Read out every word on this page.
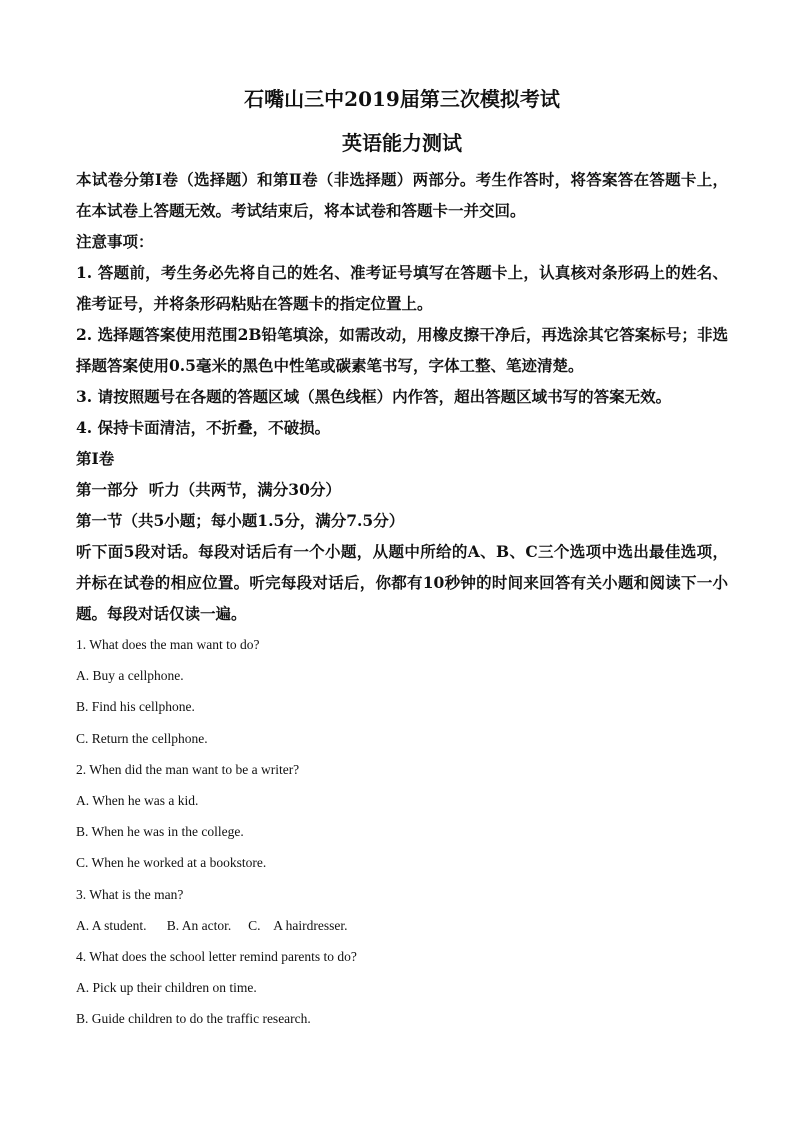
石嘴山三中2019届第三次模拟考试
英语能力测试

本试卷分第Ⅰ卷（选择题）和第Ⅱ卷（非选择题）两部分。考生作答时，将答案答在答题卡上，在本试卷上答题无效。考试结束后，将本试卷和答题卡一并交回。

注意事项：

1. 答题前，考生务必先将自己的姓名、准考证号填写在答题卡上，认真核对条形码上的姓名、准考证号，并将条形码粘贴在答题卡的指定位置上。

2. 选择题答案使用范围2B铅笔填涂，如需改动，用橡皮擦干净后，再选涂其它答案标号；非选择题答案使用0.5毫米的黑色中性笔或碳素笔书写，字体工整、笔迹清楚。

3. 请按照题号在各题的答题区域（黑色线框）内作答，超出答题区域书写的答案无效。

4. 保持卡面清洁，不折叠，不破损。

第Ⅰ卷

第一部分  听力（共两节，满分30分）

第一节（共5小题；每小题1.5分，满分7.5分）

听下面5段对话。每段对话后有一个小题，从题中所给的A、B、C三个选项中选出最佳选项，并标在试卷的相应位置。听完每段对话后，你都有10秒钟的时间来回答有关小题和阅读下一小题。每段对话仅读一遍。

1. What does the man want to do?

A. Buy a cellphone.

B. Find his cellphone.

C. Return the cellphone.

2. When did the man want to be a writer?

A. When he was a kid.

B. When he was in the college.

C. When he worked at a bookstore.

3. What is the man?

A. A student.      B. An actor.     C.    A hairdresser.

4. What does the school letter remind parents to do?

A. Pick up their children on time.

B. Guide children to do the traffic research.
